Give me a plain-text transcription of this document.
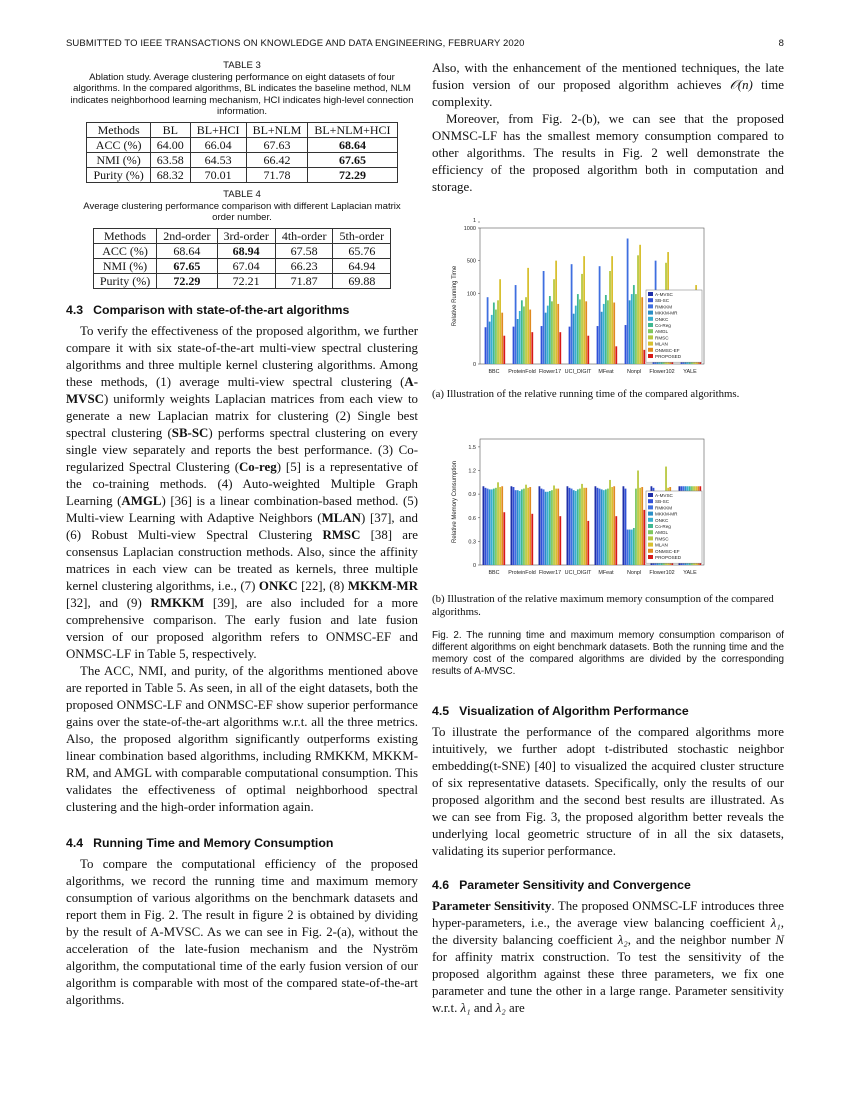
SUBMITTED TO IEEE TRANSACTIONS ON KNOWLEDGE AND DATA ENGINEERING, FEBRUARY 2020	8
TABLE 3
Ablation study. Average clustering performance on eight datasets of four algorithms. In the compared algorithms, BL indicates the baseline method, NLM indicates neighborhood learning mechanism, HCI indicates high-level connection information.
Methods	BL	BL+HCI	BL+NLM	BL+NLM+HCI
ACC (%)	64.00	66.04	67.63	68.64
NMI (%)	63.58	64.53	66.42	67.65
Purity (%)	68.32	70.01	71.78	72.29
TABLE 4
Average clustering performance comparison with different Laplacian matrix order number.
Methods	2nd-order	3rd-order	4th-order	5th-order
ACC (%)	68.64	68.94	67.58	65.76
NMI (%)	67.65	67.04	66.23	64.94
Purity (%)	72.29	72.21	71.87	69.88
4.3 Comparison with state-of-the-art algorithms

To verify the effectiveness of the proposed algorithm, we further compare it with six state-of-the-art multi-view spectral clustering algorithms and three multiple kernel clustering algorithms. Among these methods, (1) average multi-view spectral clustering (A-MVSC) uniformly weights Laplacian matrices from each view to generate a new Laplacian matrix for clustering (2) Single best spectral clustering (SB-SC) performs spectral clustering on every single view separately and reports the best performance. (3) Co-regularized Spectral Clustering (Co-reg) [5] is a representative of the co-training methods. (4) Auto-weighted Multiple Graph Learning (AMGL) [36] is a linear combination-based method. (5) Multi-view Learning with Adaptive Neighbors (MLAN) [37], and (6) Robust Multi-view Spectral Clustering RMSC [38] are consensus Laplacian construction methods. Also, since the affinity matrices in each view can be treated as kernels, three multiple kernel clustering algorithms, i.e., (7) ONKC [22], (8) MKKM-MR [32], and (9) RMKKM [39], are also included for a more comprehensive comparison. The early fusion and late fusion version of our proposed algorithm refers to ONMSC-EF and ONMSC-LF in Table 5, respectively.

The ACC, NMI, and purity, of the algorithms mentioned above are reported in Table 5. As seen, in all of the eight datasets, both the proposed ONMSC-LF and ONMSC-EF show superior performance gains over the state-of-the-art algorithms w.r.t. all the three metrics. Also, the proposed algorithm significantly outperforms existing linear combination based algorithms, including RMKKM, MKKM-RM, and AMGL with comparable computational consumption. This validates the effectiveness of optimal neighborhood spectral clustering and the high-order information again.

4.4 Running Time and Memory Consumption

To compare the computational efficiency of the proposed algorithms, we record the running time and maximum memory consumption of various algorithms on the benchmark datasets and report them in Fig. 2. The result in figure 2 is obtained by dividing by the result of A-MVSC. As we can see in Fig. 2-(a), without the acceleration of the late-fusion mechanism and the Nyström algorithm, the computational time of the early fusion version of our algorithm is comparable with most of the compared state-of-the-art algorithms.

Also, with the enhancement of the mentioned techniques, the late fusion version of our proposed algorithm achieves 𝒪(n) time complexity.

Moreover, from Fig. 2-(b), we can see that the proposed ONMSC-LF has the smallest memory consumption compared to other algorithms. The results in Fig. 2 well demonstrate the efficiency of the proposed algorithm both in computation and storage.

0
1
100
500
1000
Relative Running Time
BBC ProteinFold Flower17 UCI_DIGIT MFeat Nonpl Flower102 YALE
A-MVSC
SB-SC
RMKKM
MKKM-MR
ONKC
Co-Reg
AMGL
RMSC
MLAN
ONMSC-EF
PROPOSED
(a) Illustration of the relative running time of the compared algorithms.
0
0.3
0.6
0.9
1.2
1.5
Relative Memory Consumption
BBC ProteinFold Flower17 UCI_DIGIT MFeat Nonpl Flower102 YALE
A-MVSC
SB-SC
RMKKM
MKKM-MR
ONKC
Co-Reg
AMGL
RMSC
MLAN
ONMSC-EF
PROPOSED
(b) Illustration of the relative maximum memory consumption of the compared algorithms.
Fig. 2. The running time and maximum memory consumption comparison of different algorithms on eight benchmark datasets. Both the running time and the memory cost of the compared algorithms are divided by the corresponding results of A-MVSC.
4.5 Visualization of Algorithm Performance

To illustrate the performance of the compared algorithms more intuitively, we further adopt t-distributed stochastic neighbor embedding(t-SNE) [40] to visualized the acquired cluster structure of six representative datasets. Specifically, only the results of our proposed algorithm and the second best results are illustrated. As we can see from Fig. 3, the proposed algorithm better reveals the underlying local geometric structure of in all the six datasets, validating its superior performance.

4.6 Parameter Sensitivity and Convergence

Parameter Sensitivity. The proposed ONMSC-LF introduces three hyper-parameters, i.e., the average view balancing coefficient λ₁, the diversity balancing coefficient λ₂, and the neighbor number N for affinity matrix construction. To test the sensitivity of the proposed algorithm against these three parameters, we fix one parameter and tune the other in a large range. Parameter sensitivity w.r.t. λ₁ and λ₂ are
